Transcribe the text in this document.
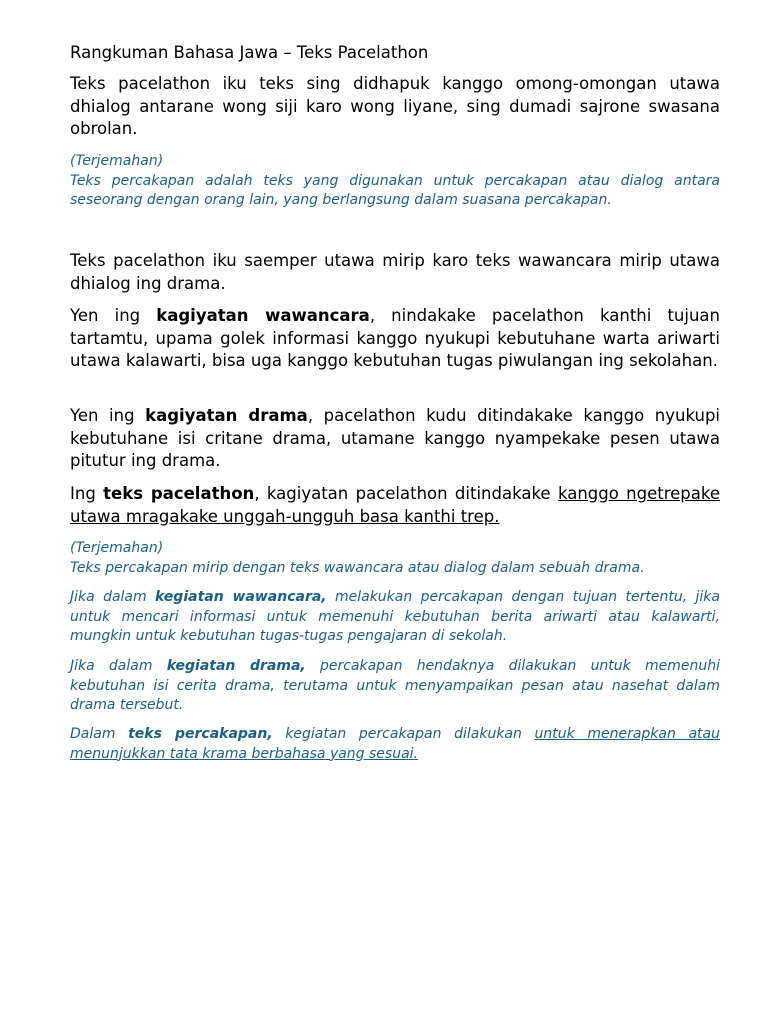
Rangkuman Bahasa Jawa – Teks Pacelathon

Teks pacelathon iku teks sing didhapuk kanggo omong-omongan utawa dhialog antarane wong siji karo wong liyane, sing dumadi sajrone swasana obrolan.

(Terjemahan)
Teks percakapan adalah teks yang digunakan untuk percakapan atau dialog antara seseorang dengan orang lain, yang berlangsung dalam suasana percakapan.

Teks pacelathon iku saemper utawa mirip karo teks wawancara mirip utawa dhialog ing drama.

Yen ing kagiyatan wawancara, nindakake pacelathon kanthi tujuan tartamtu, upama golek informasi kanggo nyukupi kebutuhane warta ariwarti utawa kalawarti, bisa uga kanggo kebutuhan tugas piwulangan ing sekolahan.

Yen ing kagiyatan drama, pacelathon kudu ditindakake kanggo nyukupi kebutuhane isi critane drama, utamane kanggo nyampekake pesen utawa pitutur ing drama.

Ing teks pacelathon, kagiyatan pacelathon ditindakake kanggo ngetrepake utawa mragakake unggah-ungguh basa kanthi trep.

(Terjemahan)
Teks percakapan mirip dengan teks wawancara atau dialog dalam sebuah drama.

Jika dalam kegiatan wawancara, melakukan percakapan dengan tujuan tertentu, jika untuk mencari informasi untuk memenuhi kebutuhan berita ariwarti atau kalawarti, mungkin untuk kebutuhan tugas-tugas pengajaran di sekolah.

Jika dalam kegiatan drama, percakapan hendaknya dilakukan untuk memenuhi kebutuhan isi cerita drama, terutama untuk menyampaikan pesan atau nasehat dalam drama tersebut.

Dalam teks percakapan, kegiatan percakapan dilakukan untuk menerapkan atau menunjukkan tata krama berbahasa yang sesuai.
